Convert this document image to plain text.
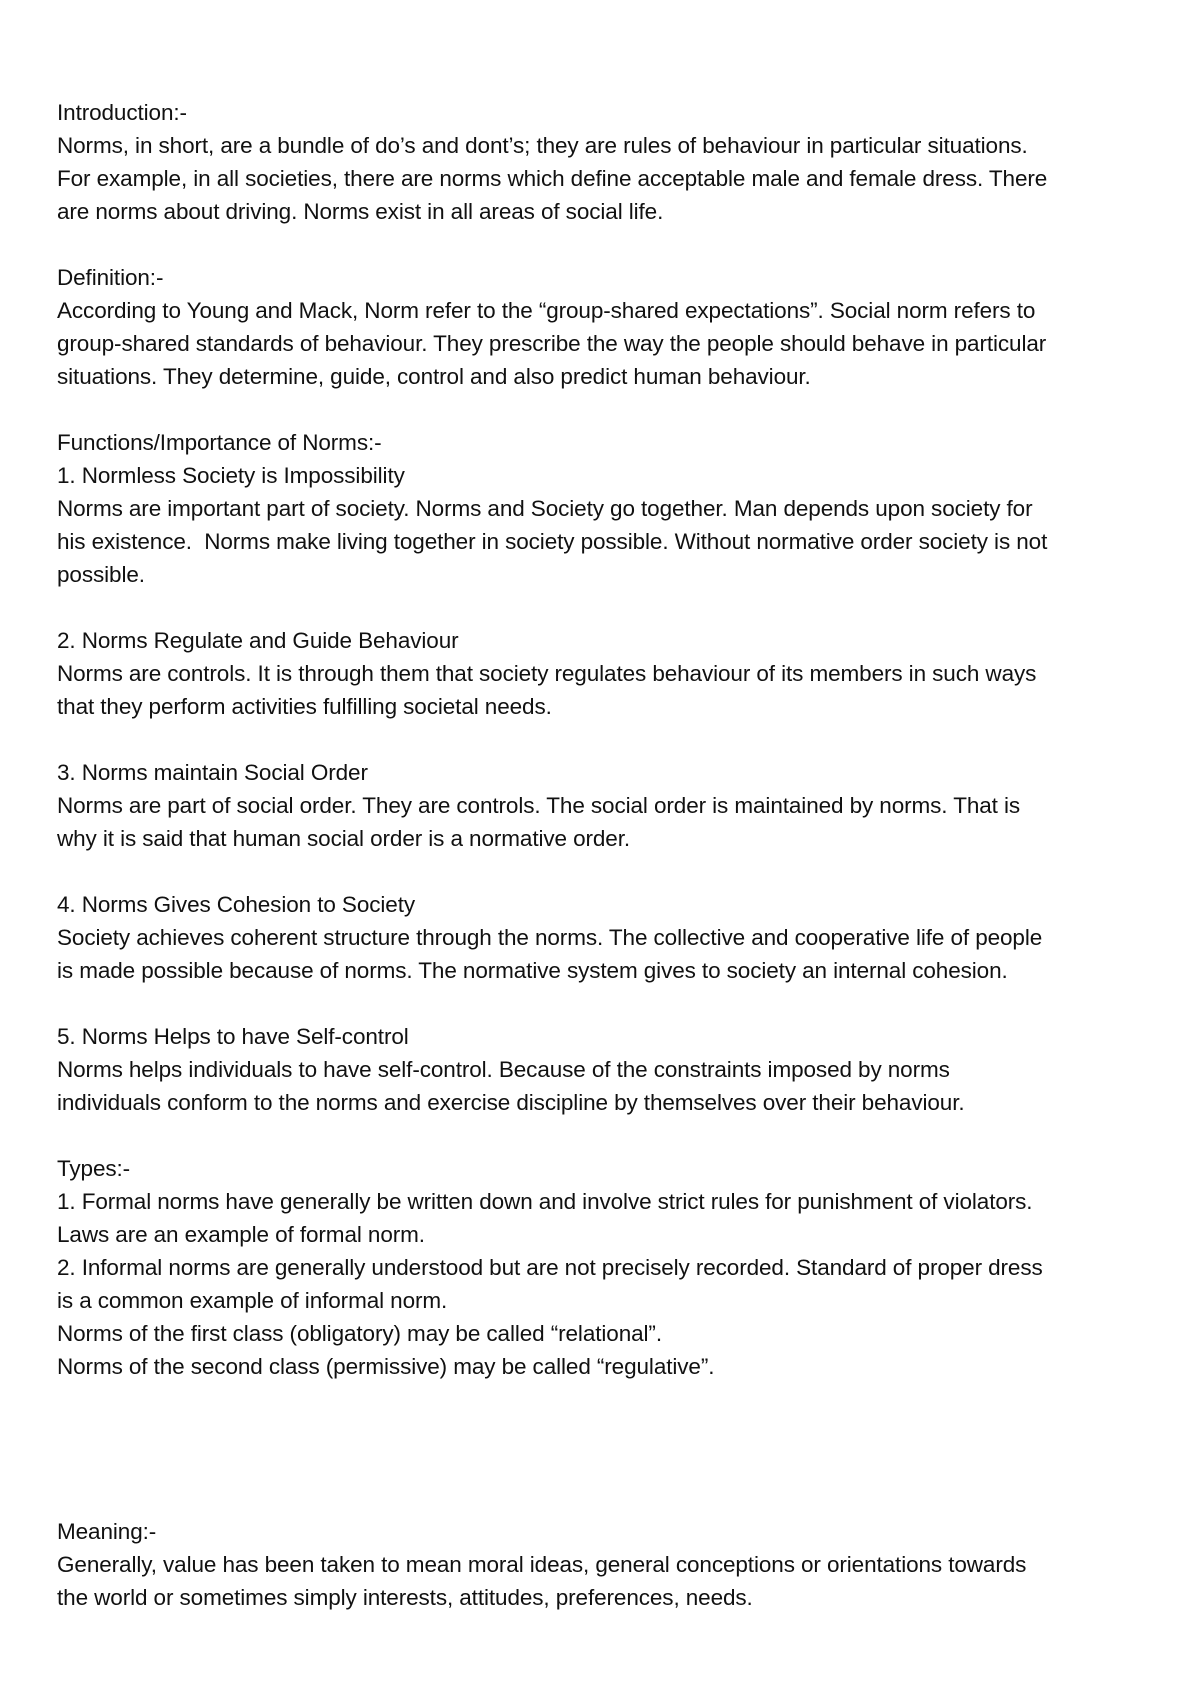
Introduction:-
Norms, in short, are a bundle of do’s and dont’s; they are rules of behaviour in particular situations.
For example, in all societies, there are norms which define acceptable male and female dress. There
are norms about driving. Norms exist in all areas of social life.
Definition:-
According to Young and Mack, Norm refer to the “group-shared expectations”. Social norm refers to
group-shared standards of behaviour. They prescribe the way the people should behave in particular
situations. They determine, guide, control and also predict human behaviour.
Functions/Importance of Norms:-
1. Normless Society is Impossibility
Norms are important part of society. Norms and Society go together. Man depends upon society for
his existence.  Norms make living together in society possible. Without normative order society is not
possible.
2. Norms Regulate and Guide Behaviour
Norms are controls. It is through them that society regulates behaviour of its members in such ways
that they perform activities fulfilling societal needs.
3. Norms maintain Social Order
Norms are part of social order. They are controls. The social order is maintained by norms. That is
why it is said that human social order is a normative order.
4. Norms Gives Cohesion to Society
Society achieves coherent structure through the norms. The collective and cooperative life of people
is made possible because of norms. The normative system gives to society an internal cohesion.
5. Norms Helps to have Self-control
Norms helps individuals to have self-control. Because of the constraints imposed by norms
individuals conform to the norms and exercise discipline by themselves over their behaviour.
Types:-
1. Formal norms have generally be written down and involve strict rules for punishment of violators.
Laws are an example of formal norm.
2. Informal norms are generally understood but are not precisely recorded. Standard of proper dress
is a common example of informal norm.
Norms of the first class (obligatory) may be called “relational”.
Norms of the second class (permissive) may be called “regulative”.
Meaning:-
Generally, value has been taken to mean moral ideas, general conceptions or orientations towards
the world or sometimes simply interests, attitudes, preferences, needs.
